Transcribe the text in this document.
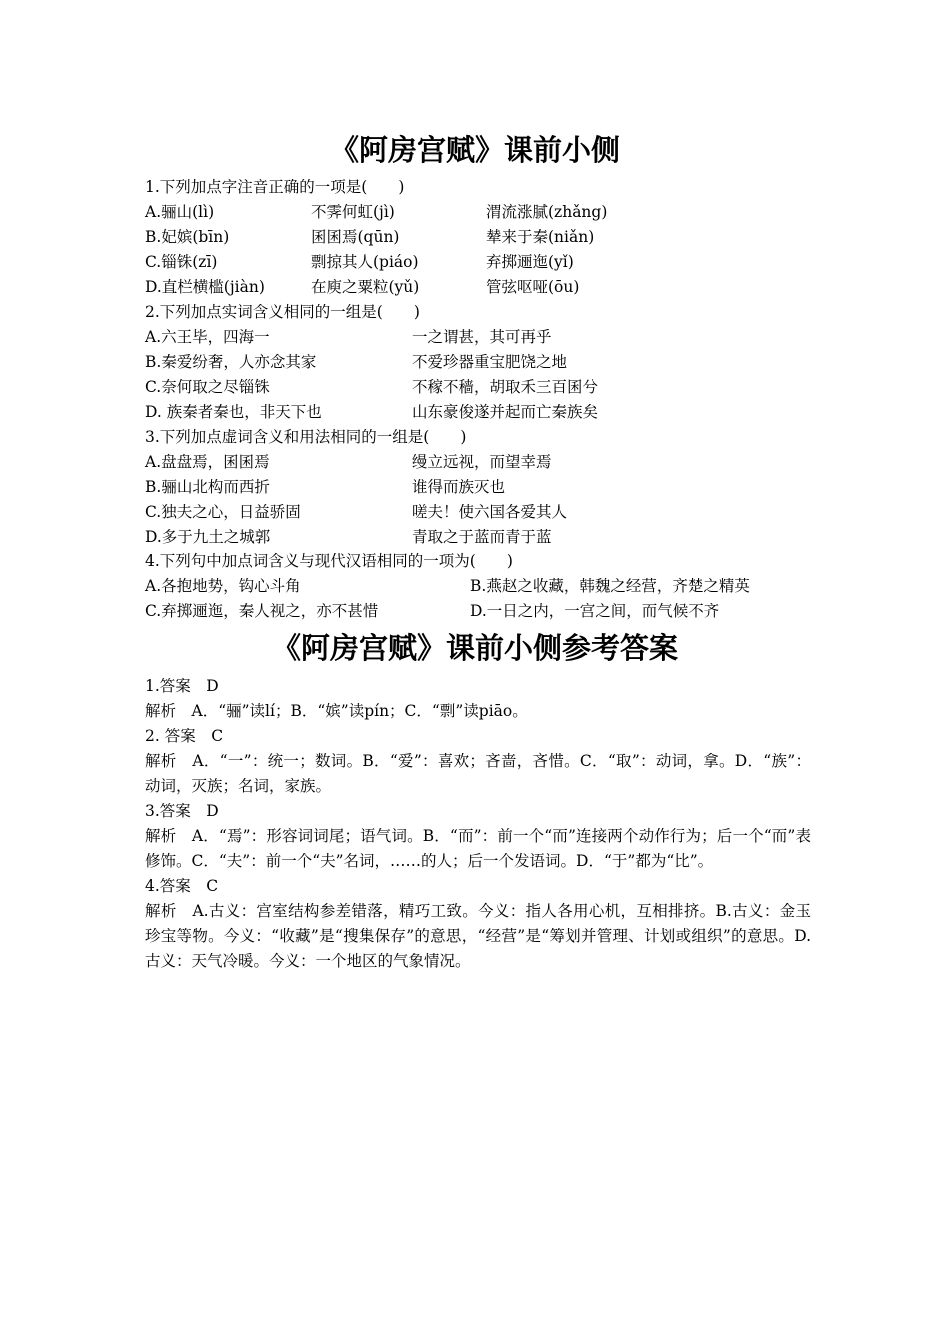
《阿房宫赋》课前小侧
1.下列加点字注音正确的一项是(　　)
A.骊山(lì)	不霁何虹(jì)	渭流涨腻(zhǎng)
B.妃嫔(bīn)	囷囷焉(qūn)	辇来于秦(niǎn)
C.锱铢(zī)	剽掠其人(piáo)	弃掷逦迤(yǐ)
D.直栏横槛(jiàn)	在庾之粟粒(yǔ)	管弦呕哑(ōu)
2.下列加点实词含义相同的一组是(　　)
A.六王毕，四海一	一之谓甚，其可再乎
B.秦爱纷奢，人亦念其家	不爱珍器重宝肥饶之地
C.奈何取之尽锱铢	不稼不穑，胡取禾三百囷兮
D. 族秦者秦也，非天下也	山东豪俊遂并起而亡秦族矣
3.下列加点虚词含义和用法相同的一组是(　　)
A.盘盘焉，囷囷焉	缦立远视，而望幸焉
B.骊山北构而西折	谁得而族灭也
C.独夫之心，日益骄固	嗟夫！使六国各爱其人
D.多于九土之城郭	青取之于蓝而青于蓝
4.下列句中加点词含义与现代汉语相同的一项为(　　)
A.各抱地势，钩心斗角	B.燕赵之收藏，韩魏之经营，齐楚之精英
C.弃掷逦迤，秦人视之，亦不甚惜	D.一日之内，一宫之间，而气候不齐
《阿房宫赋》课前小侧参考答案

1.答案　D

解析　A．“骊”读lí；B．“嫔”读pín；C．“剽”读piāo。

2. 答案　C

解析　A．“一”：统一；数词。B．“爱”：喜欢；吝啬，吝惜。C．“取”：动词，拿。D．“族”：动词，灭族；名词，家族。

3.答案　D

解析　A．“焉”：形容词词尾；语气词。B．“而”：前一个“而”连接两个动作行为；后一个“而”表修饰。C．“夫”：前一个“夫”名词，……的人；后一个发语词。D．“于”都为“比”。

4.答案　C

解析　A.古义：宫室结构参差错落，精巧工致。今义：指人各用心机，互相排挤。B.古义：金玉珍宝等物。今义：“收藏”是“搜集保存”的意思，“经营”是“筹划并管理、计划或组织”的意思。D.古义：天气冷暖。今义：一个地区的气象情况。
